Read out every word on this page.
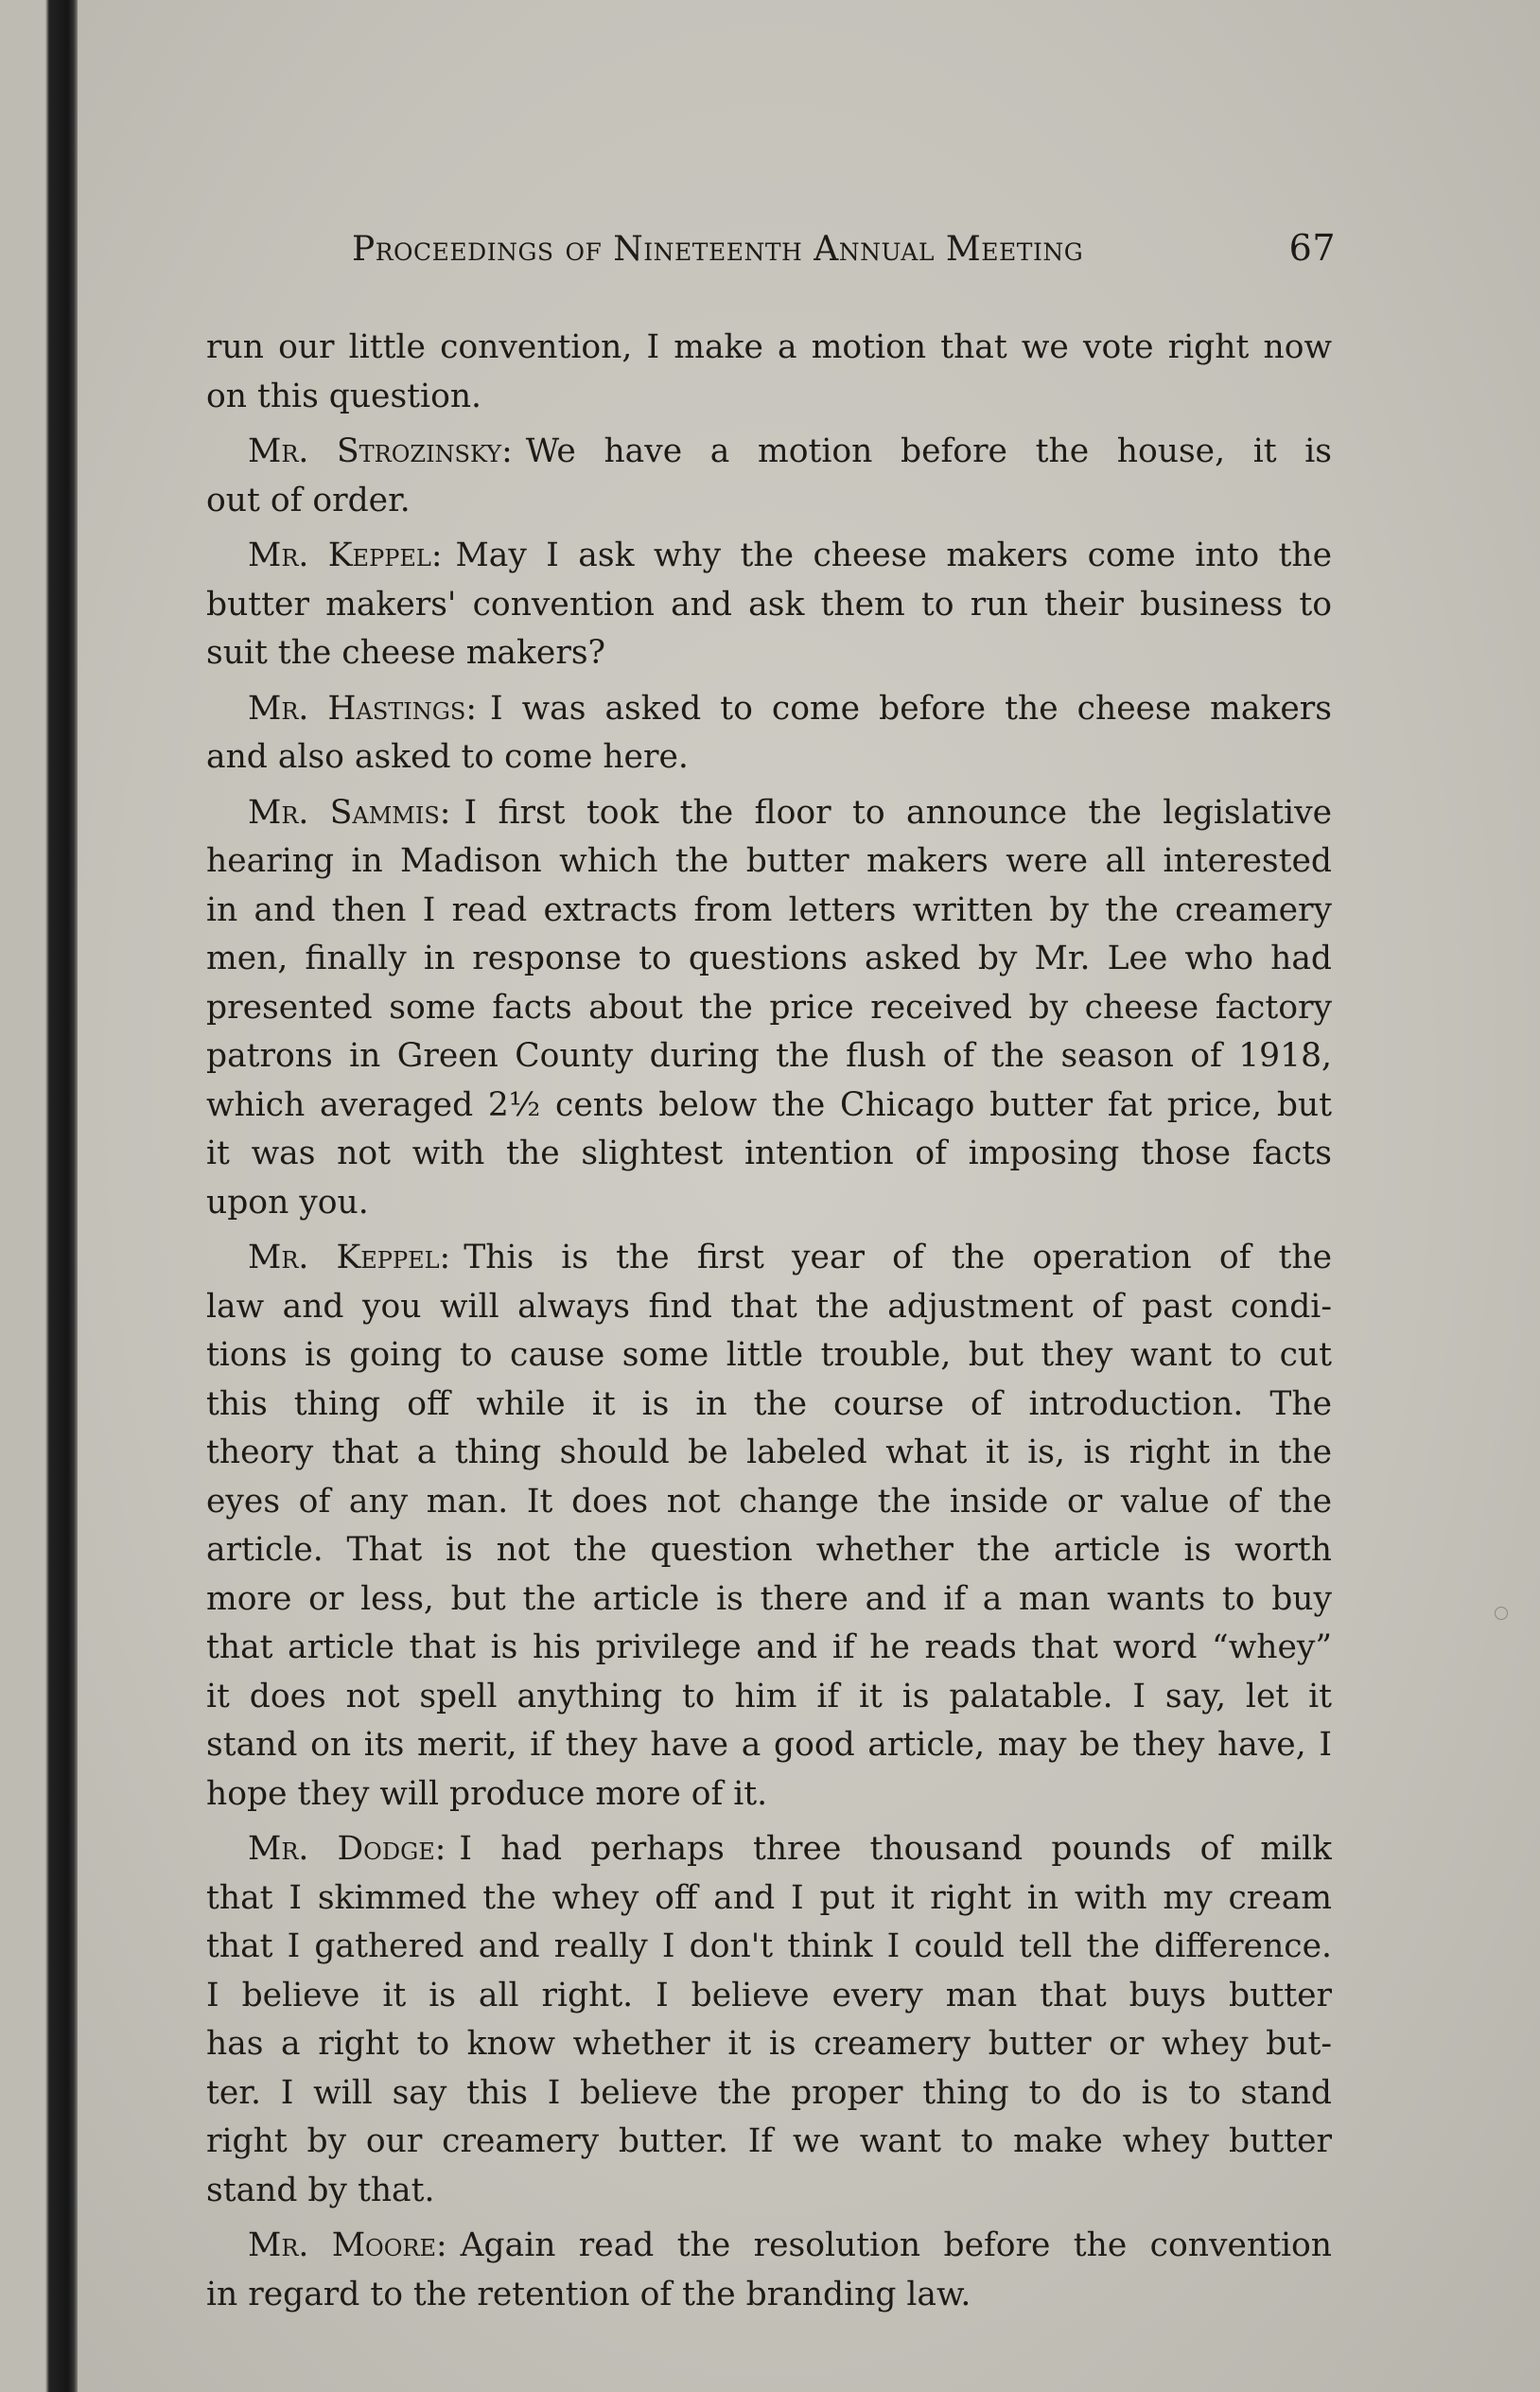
Proceedings of Nineteenth Annual Meeting	67
run our little convention, I make a motion that we vote right now
on this question.
Mr. Strozinsky: We have a motion before the house, it is
out of order.
Mr. Keppel: May I ask why the cheese makers come into the
butter makers' convention and ask them to run their business to
suit the cheese makers?
Mr. Hastings: I was asked to come before the cheese makers
and also asked to come here.
Mr. Sammis: I first took the floor to announce the legislative
hearing in Madison which the butter makers were all interested
in and then I read extracts from letters written by the creamery
men, finally in response to questions asked by Mr. Lee who had
presented some facts about the price received by cheese factory
patrons in Green County during the flush of the season of 1918,
which averaged 2½ cents below the Chicago butter fat price, but
it was not with the slightest intention of imposing those facts
upon you.
Mr. Keppel: This is the first year of the operation of the
law and you will always find that the adjustment of past condi-
tions is going to cause some little trouble, but they want to cut
this thing off while it is in the course of introduction. The
theory that a thing should be labeled what it is, is right in the
eyes of any man. It does not change the inside or value of the
article. That is not the question whether the article is worth
more or less, but the article is there and if a man wants to buy
that article that is his privilege and if he reads that word “whey”
it does not spell anything to him if it is palatable. I say, let it
stand on its merit, if they have a good article, may be they have, I
hope they will produce more of it.
Mr. Dodge: I had perhaps three thousand pounds of milk
that I skimmed the whey off and I put it right in with my cream
that I gathered and really I don't think I could tell the difference.
I believe it is all right. I believe every man that buys butter
has a right to know whether it is creamery butter or whey but-
ter. I will say this I believe the proper thing to do is to stand
right by our creamery butter. If we want to make whey butter
stand by that.
Mr. Moore: Again read the resolution before the convention
in regard to the retention of the branding law.
